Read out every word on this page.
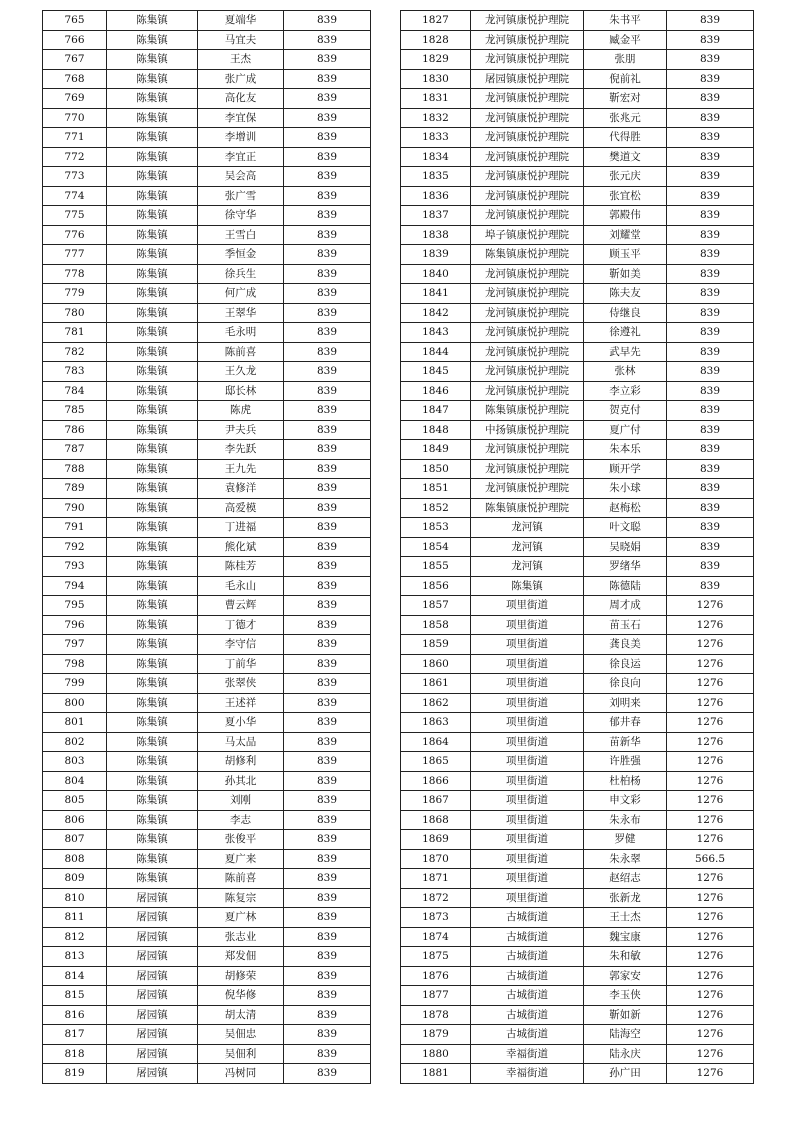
765	陈集镇	夏端华	839
766	陈集镇	马宜夫	839
767	陈集镇	王杰	839
768	陈集镇	张广成	839
769	陈集镇	高化友	839
770	陈集镇	李宜保	839
771	陈集镇	李增训	839
772	陈集镇	李宜正	839
773	陈集镇	吴会高	839
774	陈集镇	张广雪	839
775	陈集镇	徐守华	839
776	陈集镇	王雪白	839
777	陈集镇	季恒金	839
778	陈集镇	徐兵生	839
779	陈集镇	何广成	839
780	陈集镇	王翠华	839
781	陈集镇	毛永明	839
782	陈集镇	陈前喜	839
783	陈集镇	王久龙	839
784	陈集镇	邸长林	839
785	陈集镇	陈虎	839
786	陈集镇	尹夫兵	839
787	陈集镇	李先跃	839
788	陈集镇	王九先	839
789	陈集镇	袁修洋	839
790	陈集镇	高爱模	839
791	陈集镇	丁进福	839
792	陈集镇	熊化斌	839
793	陈集镇	陈桂芳	839
794	陈集镇	毛永山	839
795	陈集镇	曹云辉	839
796	陈集镇	丁德才	839
797	陈集镇	李守信	839
798	陈集镇	丁前华	839
799	陈集镇	张翠侠	839
800	陈集镇	王述祥	839
801	陈集镇	夏小华	839
802	陈集镇	马太品	839
803	陈集镇	胡修利	839
804	陈集镇	孙其北	839
805	陈集镇	刘刚	839
806	陈集镇	李志	839
807	陈集镇	张俊平	839
808	陈集镇	夏广来	839
809	陈集镇	陈前喜	839
810	屠园镇	陈复宗	839
811	屠园镇	夏广林	839
812	屠园镇	张志业	839
813	屠园镇	郑发佃	839
814	屠园镇	胡修荣	839
815	屠园镇	倪华修	839
816	屠园镇	胡太清	839
817	屠园镇	吴佃忠	839
818	屠园镇	吴佃利	839
819	屠园镇	冯树同	839
1827	龙河镇康悦护理院	朱书平	839
1828	龙河镇康悦护理院	臧金平	839
1829	龙河镇康悦护理院	张朋	839
1830	屠园镇康悦护理院	倪前礼	839
1831	龙河镇康悦护理院	靳宏对	839
1832	龙河镇康悦护理院	张兆元	839
1833	龙河镇康悦护理院	代得胜	839
1834	龙河镇康悦护理院	樊道文	839
1835	龙河镇康悦护理院	张元庆	839
1836	龙河镇康悦护理院	张宜松	839
1837	龙河镇康悦护理院	郭殿伟	839
1838	埠子镇康悦护理院	刘耀堂	839
1839	陈集镇康悦护理院	顾玉平	839
1840	龙河镇康悦护理院	靳如美	839
1841	龙河镇康悦护理院	陈夫友	839
1842	龙河镇康悦护理院	侍继良	839
1843	龙河镇康悦护理院	徐遵礼	839
1844	龙河镇康悦护理院	武早先	839
1845	龙河镇康悦护理院	张林	839
1846	龙河镇康悦护理院	李立彩	839
1847	陈集镇康悦护理院	贺克付	839
1848	中扬镇康悦护理院	夏广付	839
1849	龙河镇康悦护理院	朱本乐	839
1850	龙河镇康悦护理院	顾开学	839
1851	龙河镇康悦护理院	朱小球	839
1852	陈集镇康悦护理院	赵梅松	839
1853	龙河镇	叶文聪	839
1854	龙河镇	吴晓娟	839
1855	龙河镇	罗绪华	839
1856	陈集镇	陈德陆	839
1857	项里街道	周才成	1276
1858	项里街道	苗玉石	1276
1859	项里街道	龚良美	1276
1860	项里街道	徐良运	1276
1861	项里街道	徐良向	1276
1862	项里街道	刘明来	1276
1863	项里街道	郁井春	1276
1864	项里街道	苗新华	1276
1865	项里街道	许胜强	1276
1866	项里街道	杜柏杨	1276
1867	项里街道	申文彩	1276
1868	项里街道	朱永布	1276
1869	项里街道	罗健	1276
1870	项里街道	朱永翠	566.5
1871	项里街道	赵绍志	1276
1872	项里街道	张新龙	1276
1873	古城街道	王士杰	1276
1874	古城街道	魏宝康	1276
1875	古城街道	朱和敏	1276
1876	古城街道	郭家安	1276
1877	古城街道	李玉侠	1276
1878	古城街道	靳如新	1276
1879	古城街道	陆海空	1276
1880	幸福街道	陆永庆	1276
1881	幸福街道	孙广田	1276
